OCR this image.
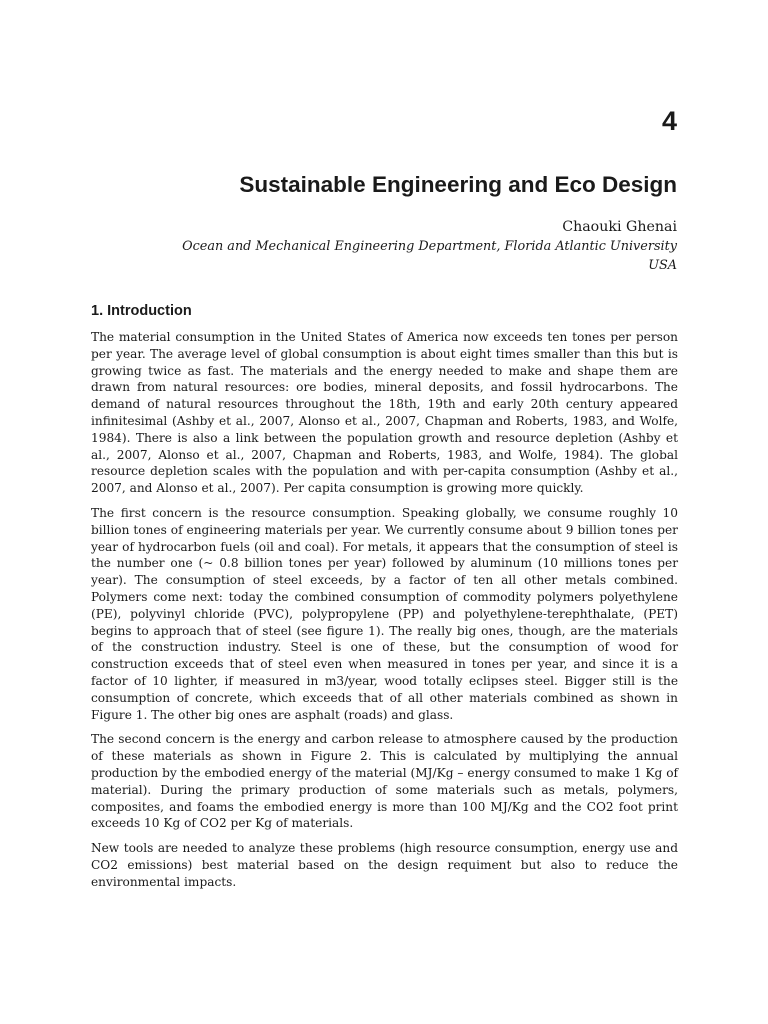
4
Sustainable Engineering and Eco Design
Chaouki Ghenai
Ocean and Mechanical Engineering Department, Florida Atlantic University
USA
1. Introduction

The material consumption in the United States of America now exceeds ten tones per person per year. The average level of global consumption is about eight times smaller than this but is growing twice as fast. The materials and the energy needed to make and shape them are drawn from natural resources: ore bodies, mineral deposits, and fossil hydrocarbons. The demand of natural resources throughout the 18th, 19th and early 20th century appeared infinitesimal (Ashby et al., 2007, Alonso et al., 2007, Chapman and Roberts, 1983, and Wolfe, 1984). There is also a link between the population growth and resource depletion (Ashby et al., 2007, Alonso et al., 2007, Chapman and Roberts, 1983, and Wolfe, 1984). The global resource depletion scales with the population and with per-capita consumption (Ashby et al., 2007, and Alonso et al., 2007). Per capita consumption is growing more quickly.

The first concern is the resource consumption. Speaking globally, we consume roughly 10 billion tones of engineering materials per year. We currently consume about 9 billion tones per year of hydrocarbon fuels (oil and coal). For metals, it appears that the consumption of steel is the number one (~ 0.8 billion tones per year) followed by aluminum (10 millions tones per year). The consumption of steel exceeds, by a factor of ten all other metals combined. Polymers come next: today the combined consumption of commodity polymers polyethylene (PE), polyvinyl chloride (PVC), polypropylene (PP) and polyethylene-terephthalate, (PET) begins to approach that of steel (see figure 1). The really big ones, though, are the materials of the construction industry. Steel is one of these, but the consumption of wood for construction exceeds that of steel even when measured in tones per year, and since it is a factor of 10 lighter, if measured in m3/year, wood totally eclipses steel. Bigger still is the consumption of concrete, which exceeds that of all other materials combined as shown in Figure 1. The other big ones are asphalt (roads) and glass.

The second concern is the energy and carbon release to atmosphere caused by the production of these materials as shown in Figure 2. This is calculated by multiplying the annual production by the embodied energy of the material (MJ/Kg – energy consumed to make 1 Kg of material). During the primary production of some materials such as metals, polymers, composites, and foams the embodied energy is more than 100 MJ/Kg and the CO2 foot print exceeds 10 Kg of CO2 per Kg of materials.

New tools are needed to analyze these problems (high resource consumption, energy use and CO2 emissions) best material based on the design requiment but also to reduce the environmental impacts.
